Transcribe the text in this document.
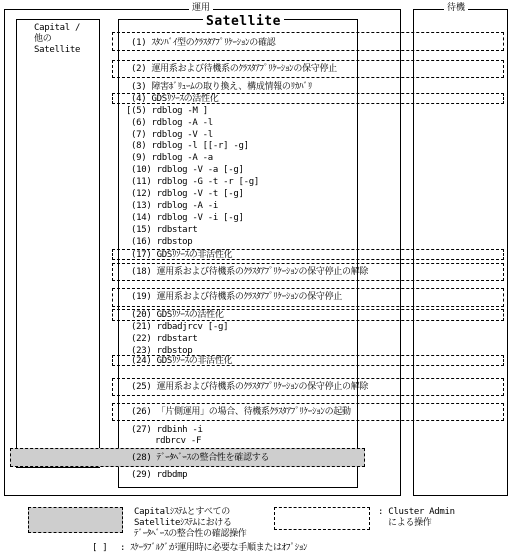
運用	待機
Capital /
他の
Satellite
Satellite
(1) ｽﾀﾝﾊﾞｲ型のｸﾗｽﾀｱﾌﾟﾘｹｰｼｮﾝの確認
(2) 運用系および待機系のｸﾗｽﾀｱﾌﾟﾘｹｰｼｮﾝの保守停止
(3) 障害ﾎﾞﾘｭｰﾑの取り換え、構成情報のﾘｶﾊﾞﾘ
(4) GDSﾘｿｰｽの活性化
[(5) rdblog -M ]
(6) rdblog -A -l
(7) rdblog -V -l
(8) rdblog -l [[-r] -g]
(9) rdblog -A -a
(10) rdblog -V -a [-g]
(11) rdblog -G -t -r [-g]
(12) rdblog -V -t [-g]
(13) rdblog -A -i
(14) rdblog -V -i [-g]
(15) rdbstart
(16) rdbstop
(17) GDSﾘｿｰｽの非活性化
(18) 運用系および待機系のｸﾗｽﾀｱﾌﾟﾘｹｰｼｮﾝの保守停止の解除
(19) 運用系および待機系のｸﾗｽﾀｱﾌﾟﾘｹｰｼｮﾝの保守停止
(20) GDSﾘｿｰｽの活性化
(21) rdbadjrcv [-g]
(22) rdbstart
(23) rdbstop
(24) GDSﾘｿｰｽの非活性化
(25) 運用系および待機系のｸﾗｽﾀｱﾌﾟﾘｹｰｼｮﾝの保守停止の解除
(26) 「片側運用」の場合、待機系ｸﾗｽﾀｱﾌﾟﾘｹｰｼｮﾝの起動
(27) rdbinh -i
rdbrcv -F
(28) ﾃﾞｰﾀﾍﾞｰｽの整合性を確認する
(29) rdbdmp
Capitalｼｽﾃﾑとすべての
Satelliteｼｽﾃﾑにおける
ﾃﾞｰﾀﾍﾞｰｽの整合性の確認操作
: Cluster Admin
による操作
[ ] : ｽｹｰﾗﾌﾞﾙｸﾞが運用時に必要な手順またはｵﾌﾟｼｮﾝ
